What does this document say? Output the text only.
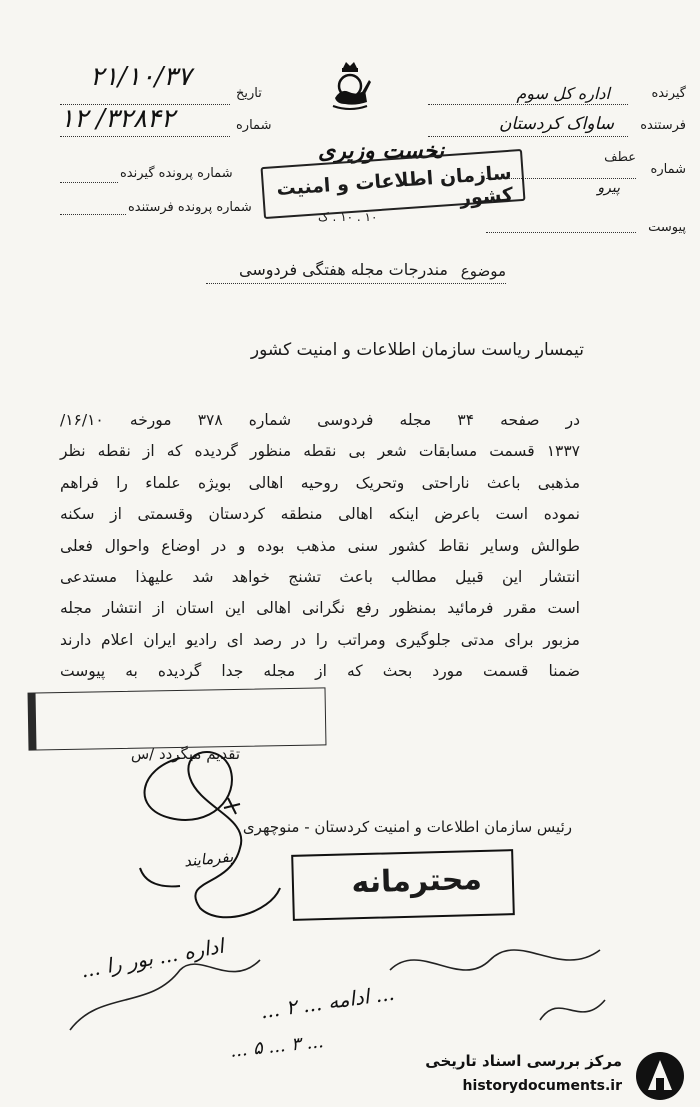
گیرنده
اداره کل سوم
فرستنده
ساواک کردستان
شماره
عطف
پیرو
پیوست
تاریخ
۲۱/۱۰/۳۷
شماره
۳۲۸۴۲/ ۱۲
شماره پرونده گیرنده
شماره پرونده فرستنده
نخست وزیری
سازمان اطلاعات و امنیت کشور
۱۰ . ۱۰ . ک
موضوع
مندرجات مجله هفتگی فردوسی
تیمسار ریاست سازمان اطلاعات و امنیت کشور
در صفحه ۳۴ مجله فردوسی شماره ۳۷۸ مورخه ۱۶/۱۰/
۱۳۳۷ قسمت مسابقات شعر بی نقطه منظور گردیده که از نقطه نظر
مذهبی باعث ناراحتی وتحریک روحیه اهالی بویژه علماء را فراهم
نموده است باعرض اینکه اهالی منطقه کردستان وقسمتی از سکنه
طوالش وسایر نقاط کشور سنی مذهب بوده و در اوضاع واحوال فعلی
انتشار این قبیل مطالب باعث تشنج خواهد شد علیهذا مستدعی
است مقرر فرمائید بمنظور رفع نگرانی اهالی این استان از انتشار مجله
مزبور برای مدتی جلوگیری ومراتب را در رصد ای رادیو ایران اعلام دارند
ضمنا قسمت مورد بحث که از مجله جدا گردیده به پیوست
تقدیم میگردد /س
رئیس سازمان اطلاعات و امنیت کردستان - منوچهری
بفرمایند
محترمانه
اداره ... بور را ...
... ادامه ... ۲ ...
... ۳ ... ۵ ...
مرکز بررسی اسناد تاریخی
historydocuments.ir
